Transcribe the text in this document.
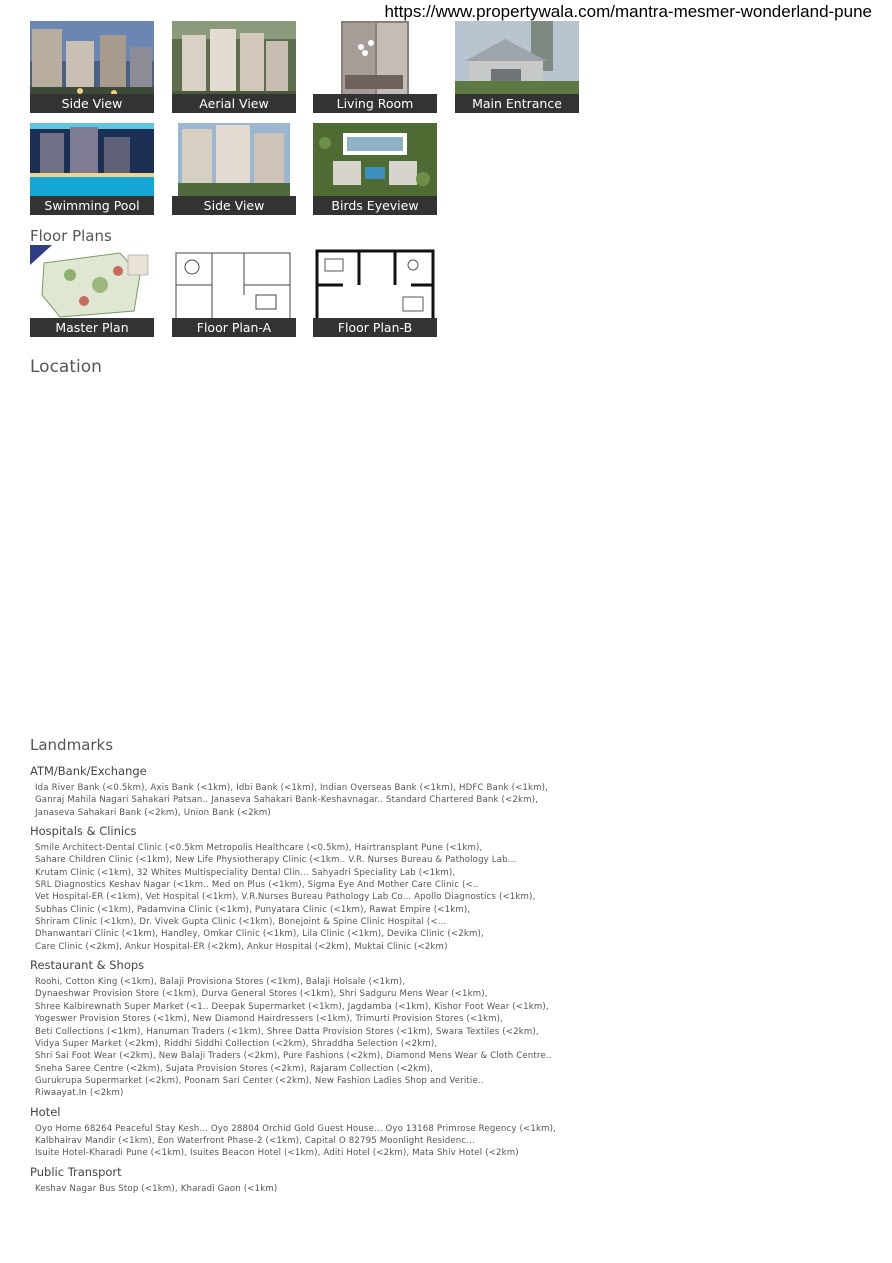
https://www.propertywala.com/mantra-mesmer-wonderland-pune
Side View	Aerial View	Living Room	Main Entrance
Swimming Pool	Side View	Birds Eyeview
Floor Plans
Master Plan	Floor Plan-A	Floor Plan-B
Location
Landmarks
ATM/Bank/Exchange
Ida River Bank (<0.5km), Axis Bank (<1km), Idbi Bank (<1km), Indian Overseas Bank (<1km), HDFC Bank (<1km),
Ganraj Mahila Nagari Sahakari Patsan.. Janaseva Sahakari Bank-Keshavnagar.. Standard Chartered Bank (<2km),
Janaseva Sahakari Bank (<2km), Union Bank (<2km)
Hospitals & Clinics
Smile Architect-Dental Clinic (<0.5km Metropolis Healthcare (<0.5km), Hairtransplant Pune (<1km),
Sahare Children Clinic (<1km), New Life Physiotherapy Clinic (<1km.. V.R. Nurses Bureau & Pathology Lab...
Krutam Clinic (<1km), 32 Whites Multispeciality Dental Clin... Sahyadri Speciality Lab (<1km),
SRL Diagnostics Keshav Nagar (<1km.. Med on Plus (<1km), Sigma Eye And Mother Care Clinic (<..
Vet Hospital-ER (<1km), Vet Hospital (<1km), V.R.Nurses Bureau Pathology Lab Co... Apollo Diagnostics (<1km),
Subhas Clinic (<1km), Padamvina Clinic (<1km), Punyatara Clinic (<1km), Rawat Empire (<1km),
Shriram Clinic (<1km), Dr. Vivek Gupta Clinic (<1km), Bonejoint & Spine Clinic Hospital (<...
Dhanwantari Clinic (<1km), Handley, Omkar Clinic (<1km), Lila Clinic (<1km), Devika Clinic (<2km),
Care Clinic (<2km), Ankur Hospital-ER (<2km), Ankur Hospital (<2km), Muktai Clinic (<2km)
Restaurant & Shops
Roohi, Cotton King (<1km), Balaji Provisiona Stores (<1km), Balaji Holsale (<1km),
Dynaeshwar Provision Store (<1km), Durva General Stores (<1km), Shri Sadguru Mens Wear (<1km),
Shree Kalbirewnath Super Market (<1.. Deepak Supermarket (<1km), Jagdamba (<1km), Kishor Foot Wear (<1km),
Yogeswer Provision Stores (<1km), New Diamond Hairdressers (<1km), Trimurti Provision Stores (<1km),
Beti Collections (<1km), Hanuman Traders (<1km), Shree Datta Provision Stores (<1km), Swara Textiles (<2km),
Vidya Super Market (<2km), Riddhi Siddhi Collection (<2km), Shraddha Selection (<2km),
Shri Sai Foot Wear (<2km), New Balaji Traders (<2km), Pure Fashions (<2km), Diamond Mens Wear & Cloth Centre..
Sneha Saree Centre (<2km), Sujata Provision Stores (<2km), Rajaram Collection (<2km),
Gurukrupa Supermarket (<2km), Poonam Sari Center (<2km), New Fashion Ladies Shop and Veritie..
Riwaayat.In (<2km)
Hotel
Oyo Home 68264 Peaceful Stay Kesh... Oyo 28804 Orchid Gold Guest House... Oyo 13168 Primrose Regency (<1km),
Kalbhairav Mandir (<1km), Eon Waterfront Phase-2 (<1km), Capital O 82795 Moonlight Residenc...
Isuite Hotel-Kharadi Pune (<1km), Isuites Beacon Hotel (<1km), Aditi Hotel (<2km), Mata Shiv Hotel (<2km)
Public Transport
Keshav Nagar Bus Stop (<1km), Kharadi Gaon (<1km)
